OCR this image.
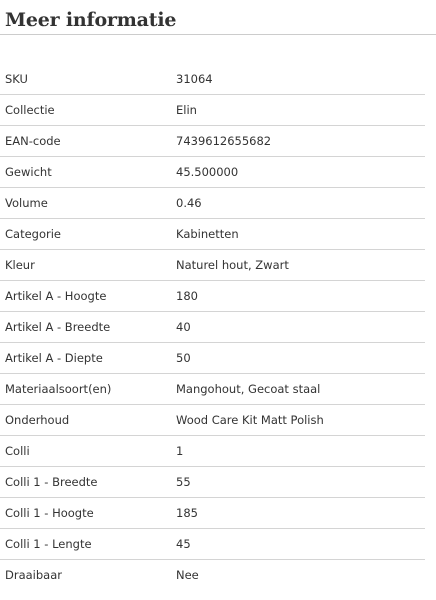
Meer informatie
SKU	31064
Collectie	Elin
EAN-code	7439612655682
Gewicht	45.500000
Volume	0.46
Categorie	Kabinetten
Kleur	Naturel hout, Zwart
Artikel A - Hoogte	180
Artikel A - Breedte	40
Artikel A - Diepte	50
Materiaalsoort(en)	Mangohout, Gecoat staal
Onderhoud	Wood Care Kit Matt Polish
Colli	1
Colli 1 - Breedte	55
Colli 1 - Hoogte	185
Colli 1 - Lengte	45
Draaibaar	Nee
